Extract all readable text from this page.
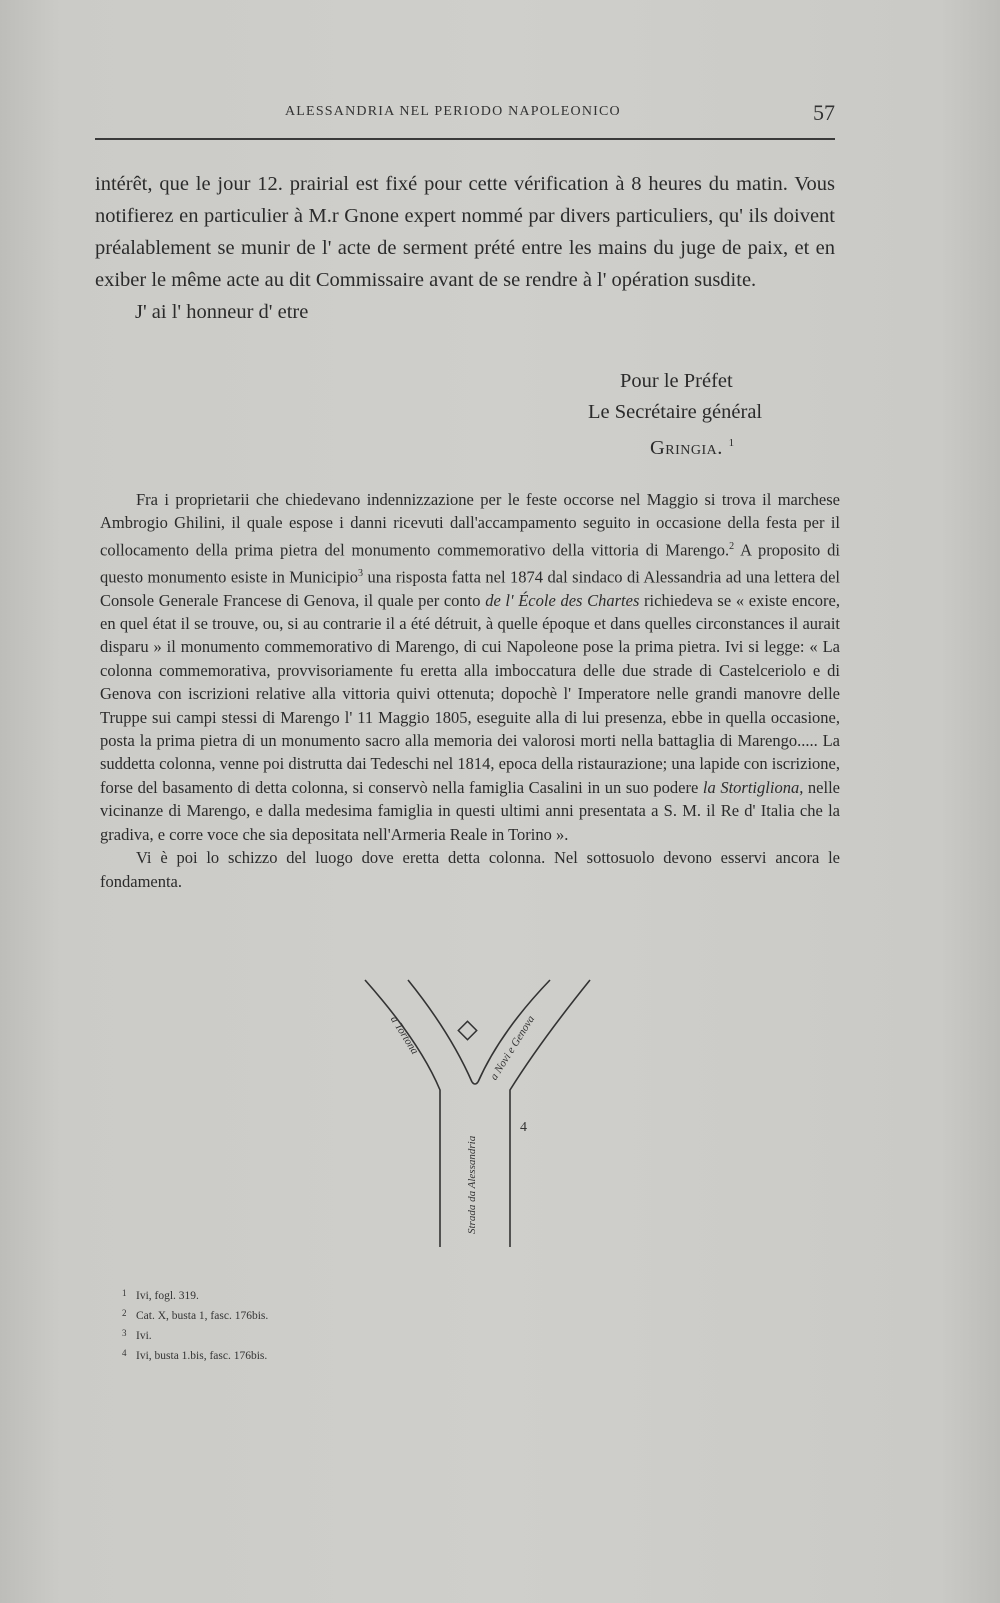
ALESSANDRIA NEL PERIODO NAPOLEONICO	57

intérêt, que le jour 12. prairial est fixé pour cette vérification à 8 heures du matin. Vous notifierez en particulier à M.r Gnone expert nommé par divers particuliers, qu' ils doivent préalablement se munir de l' acte de serment prété entre les mains du juge de paix, et en exiber le même acte au dit Commissaire avant de se rendre à l' opération susdite.

J' ai l' honneur d' etre

Pour le Préfet
Le Secrétaire général
Gringia. $^1$

Fra i proprietarii che chiedevano indennizzazione per le feste occorse nel Maggio si trova il marchese Ambrogio Ghilini, il quale espose i danni ricevuti dall'accampamento seguito in occasione della festa per il collocamento della prima pietra del monumento commemorativo della vittoria di Marengo.$^2$ A proposito di questo monumento esiste in Municipio$^3$ una risposta fatta nel 1874 dal sindaco di Alessandria ad una lettera del Console Generale Francese di Genova, il quale per conto de l' École des Chartes richiedeva se « existe encore, en quel état il se trouve, ou, si au contrarie il a été détruit, à quelle époque et dans quelles circonstances il aurait disparu » il monumento commemorativo di Marengo, di cui Napoleone pose la prima pietra. Ivi si legge: « La colonna commemorativa, provvisoriamente fu eretta alla imboccatura delle due strade di Castelceriolo e di Genova con iscrizioni relative alla vittoria quivi ottenuta; dopochè l' Imperatore nelle grandi manovre delle Truppe sui campi stessi di Marengo l' 11 Maggio 1805, eseguite alla di lui presenza, ebbe in quella occasione, posta la prima pietra di un monumento sacro alla memoria dei valorosi morti nella battaglia di Marengo..... La suddetta colonna, venne poi distrutta dai Tedeschi nel 1814, epoca della ristaurazione; una lapide con iscrizione, forse del basamento di detta colonna, si conservò nella famiglia Casalini in un suo podere la Stortigliona, nelle vicinanze di Marengo, e dalla medesima famiglia in questi ultimi anni presentata a S. M. il Re d' Italia che la gradiva, e corre voce che sia depositata nell'Armeria Reale in Torino ».

Vi è poi lo schizzo del luogo dove eretta detta colonna. Nel sottosuolo devono esservi ancora le fondamenta.

a Tortona	a Novi e Genova
Strada da Alessandria
4
1 Ivi, fogl. 319.
2 Cat. X, busta 1, fasc. 176bis.
3 Ivi.
4 Ivi, busta 1.bis, fasc. 176bis.
